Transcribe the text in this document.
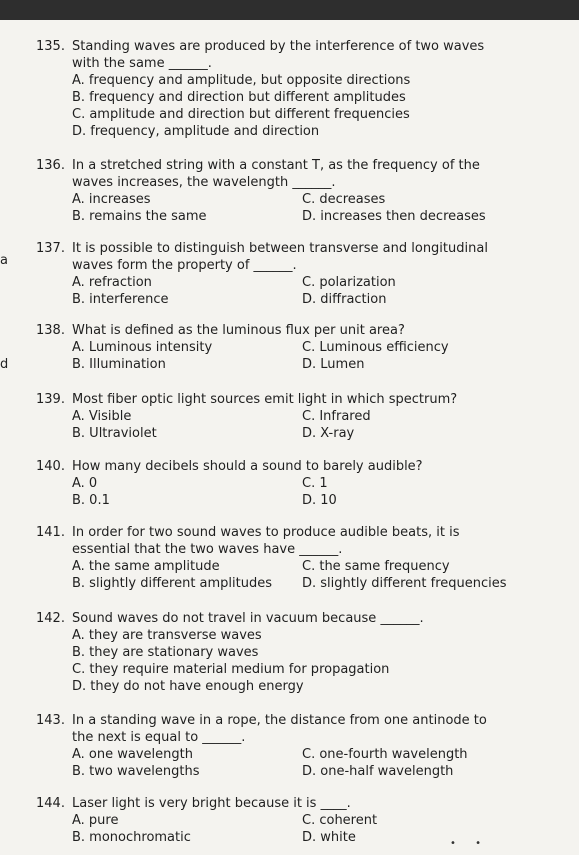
a
d
135. Standing waves are produced by the interference of two waves
with the same ______.
A. frequency and amplitude, but opposite directions
B. frequency and direction but different amplitudes
C. amplitude and direction but different frequencies
D. frequency, amplitude and direction
136. In a stretched string with a constant T, as the frequency of the
waves increases, the wavelength ______.
A. increases	C. decreases
B. remains the same	D. increases then decreases
137. It is possible to distinguish between transverse and longitudinal
waves form the property of ______.
A. refraction	C. polarization
B. interference	D. diffraction
138. What is defined as the luminous flux per unit area?
A. Luminous intensity	C. Luminous efficiency
B. Illumination	D. Lumen
139. Most fiber optic light sources emit light in which spectrum?
A. Visible	C. Infrared
B. Ultraviolet	D. X-ray
140. How many decibels should a sound to barely audible?
A. 0	C. 1
B. 0.1	D. 10
141. In order for two sound waves to produce audible beats, it is
essential that the two waves have ______.
A. the same amplitude	C. the same frequency
B. slightly different amplitudes	D. slightly different frequencies
142. Sound waves do not travel in vacuum because ______.
A. they are transverse waves
B. they are stationary waves
C. they require material medium for propagation
D. they do not have enough energy
143. In a standing wave in a rope, the distance from one antinode to
the next is equal to ______.
A. one wavelength	C. one-fourth wavelength
B. two wavelengths	D. one-half wavelength
144. Laser light is very bright because it is ____.
A. pure	C. coherent
B. monochromatic	D. white	• •
